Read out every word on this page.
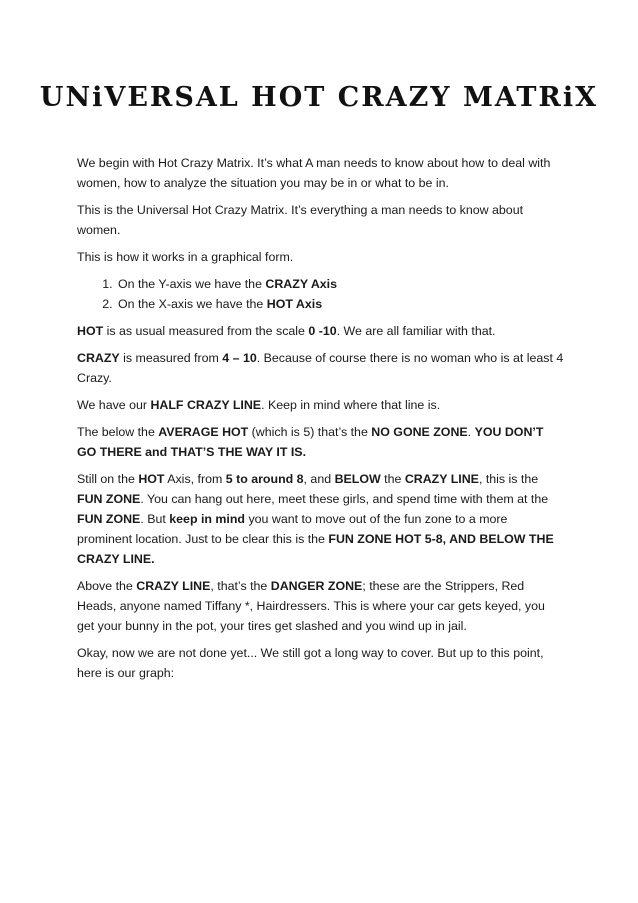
UNiVERSAL HOT CRAZY MATRiX

We begin with Hot Crazy Matrix. It’s what A man needs to know about how to deal with women, how to analyze the situation you may be in or what to be in.

This is the Universal Hot Crazy Matrix. It’s everything a man needs to know about women.

This is how it works in a graphical form.

1. On the Y-axis we have the CRAZY Axis
2. On the X-axis we have the HOT Axis

HOT is as usual measured from the scale 0 -10. We are all familiar with that.

CRAZY is measured from 4 – 10. Because of course there is no woman who is at least 4 Crazy.

We have our HALF CRAZY LINE. Keep in mind where that line is.

The below the AVERAGE HOT (which is 5) that’s the NO GONE ZONE. YOU DON’T GO THERE and THAT’S THE WAY IT IS.

Still on the HOT Axis, from 5 to around 8, and BELOW the CRAZY LINE, this is the FUN ZONE. You can hang out here, meet these girls, and spend time with them at the FUN ZONE. But keep in mind you want to move out of the fun zone to a more prominent location. Just to be clear this is the FUN ZONE HOT 5-8, AND BELOW THE CRAZY LINE.

Above the CRAZY LINE, that’s the DANGER ZONE; these are the Strippers, Red Heads, anyone named Tiffany *, Hairdressers. This is where your car gets keyed, you get your bunny in the pot, your tires get slashed and you wind up in jail.

Okay, now we are not done yet... We still got a long way to cover. But up to this point, here is our graph:
